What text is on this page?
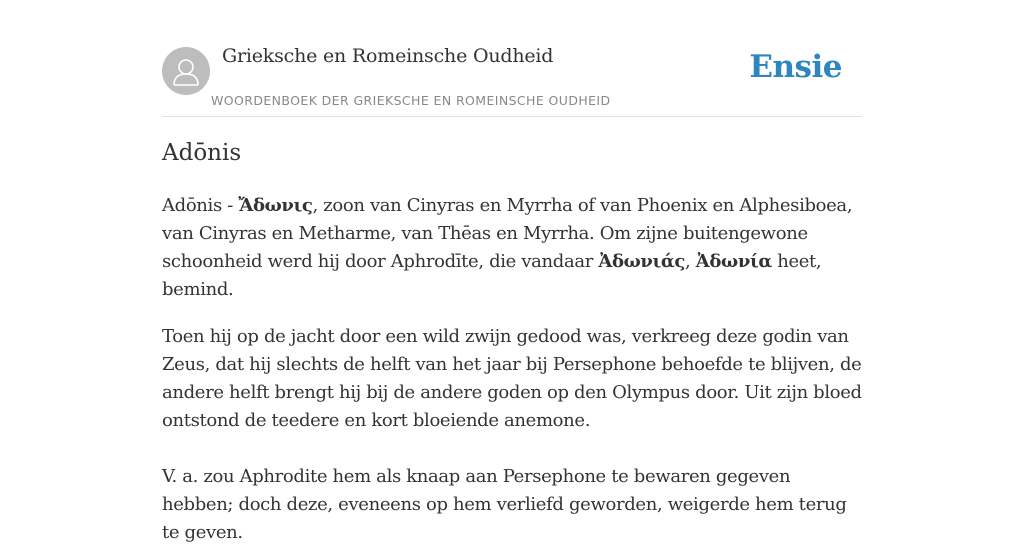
Grieksche en Romeinsche Oudheid
WOORDENBOEK DER GRIEKSCHE EN ROMEINSCHE OUDHEID
Ensie
Adōnis

Adōnis - Ἄδωνις, zoon van Cinyras en Myrrha of van Phoenix en Alphesiboea, van Cinyras en Metharme, van Thēas en Myrrha. Om zijne buitengewone schoonheid werd hij door Aphrodīte, die vandaar Ἀδωνιάς, Ἀδωνία heet, bemind.

Toen hij op de jacht door een wild zwijn gedood was, verkreeg deze godin van Zeus, dat hij slechts de helft van het jaar bij Persephone behoefde te blijven, de andere helft brengt hij bij de andere goden op den Olympus door. Uit zijn bloed ontstond de teedere en kort bloeiende anemone.

V. a. zou Aphrodite hem als knaap aan Persephone te bewaren gegeven hebben; doch deze, eveneens op hem verliefd geworden, weigerde hem terug te geven.
